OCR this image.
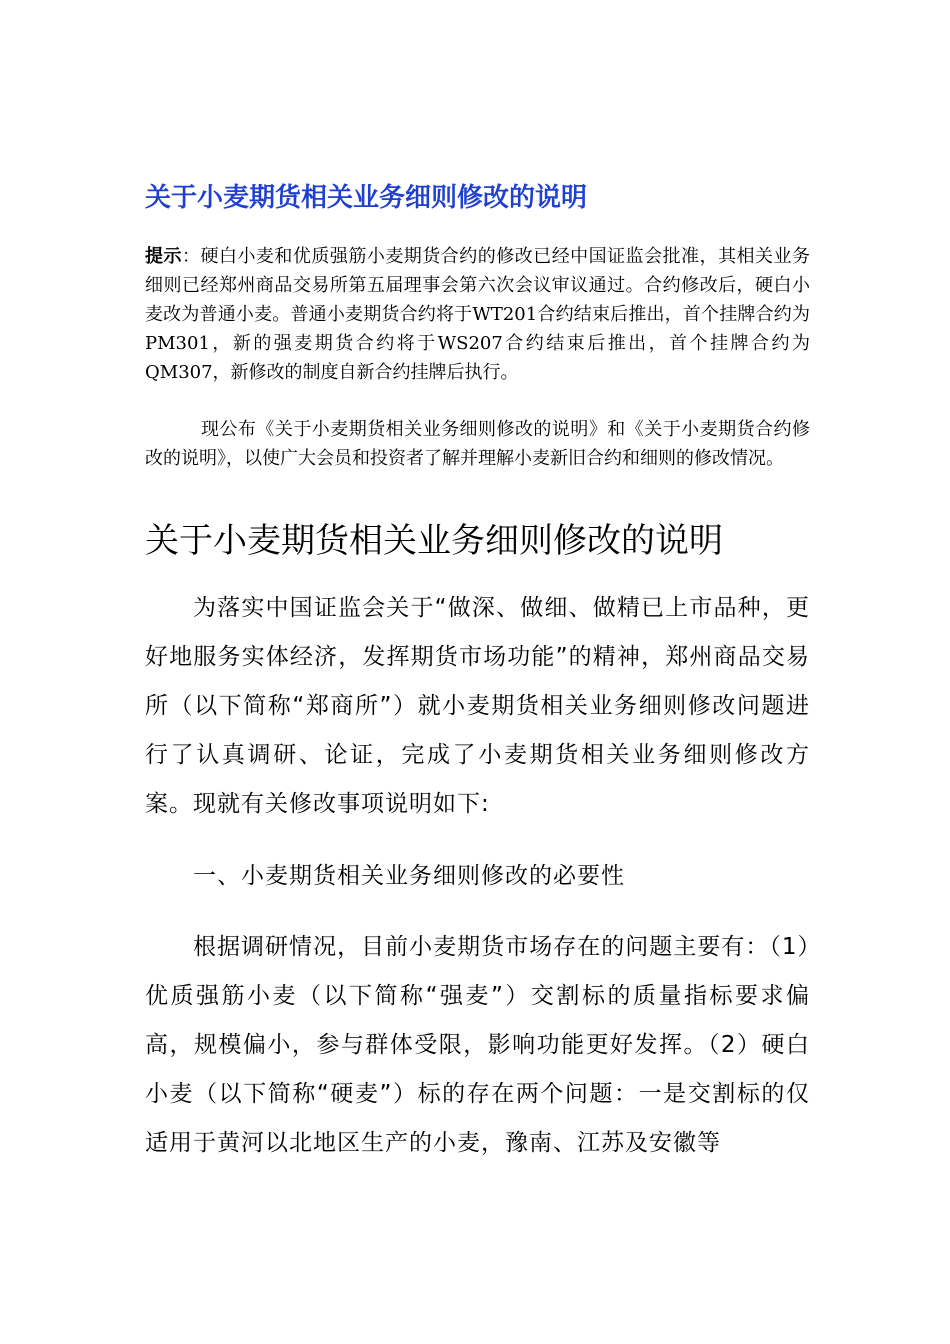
关于小麦期货相关业务细则修改的说明

提示：硬白小麦和优质强筋小麦期货合约的修改已经中国证监会批准，其相关业务细则已经郑州商品交易所第五届理事会第六次会议审议通过。合约修改后，硬白小麦改为普通小麦。普通小麦期货合约将于WT201合约结束后推出，首个挂牌合约为PM301，新的强麦期货合约将于WS207合约结束后推出，首个挂牌合约为QM307，新修改的制度自新合约挂牌后执行。

现公布《关于小麦期货相关业务细则修改的说明》和《关于小麦期货合约修改的说明》，以使广大会员和投资者了解并理解小麦新旧合约和细则的修改情况。

关于小麦期货相关业务细则修改的说明

为落实中国证监会关于“做深、做细、做精已上市品种，更好地服务实体经济，发挥期货市场功能”的精神，郑州商品交易所（以下简称“郑商所”）就小麦期货相关业务细则修改问题进行了认真调研、论证，完成了小麦期货相关业务细则修改方案。现就有关修改事项说明如下:

一、小麦期货相关业务细则修改的必要性

根据调研情况，目前小麦期货市场存在的问题主要有：（1）优质强筋小麦（以下简称“强麦”）交割标的质量指标要求偏高，规模偏小，参与群体受限，影响功能更好发挥。（2）硬白小麦（以下简称“硬麦”）标的存在两个问题：一是交割标的仅适用于黄河以北地区生产的小麦，豫南、江苏及安徽等
